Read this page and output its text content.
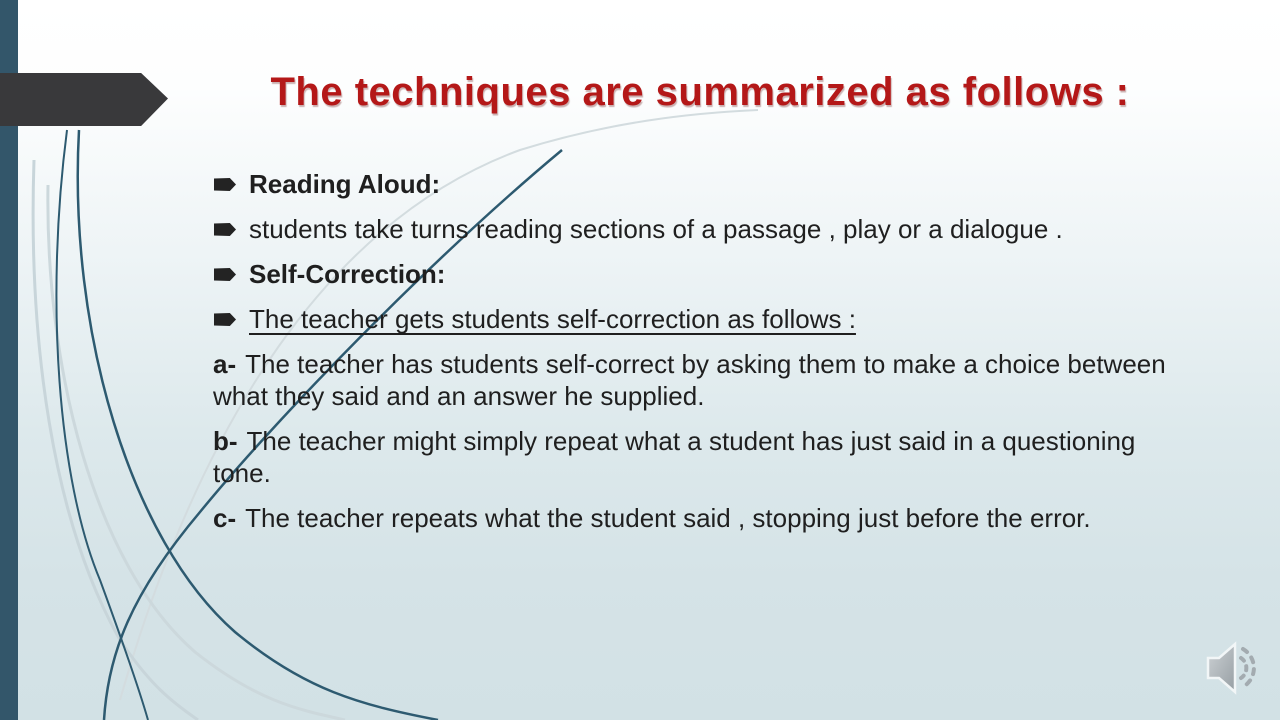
The techniques are summarized as follows :
Reading Aloud:
students take turns reading sections of a passage , play or a dialogue .
Self-Correction:
The teacher gets students self-correction as follows :

a- The teacher has students self-correct by asking them to make a choice between what they said and an answer he supplied.

b- The teacher might simply repeat what a student has just said in a questioning tone.

c- The teacher repeats what the student said , stopping just before the error.
